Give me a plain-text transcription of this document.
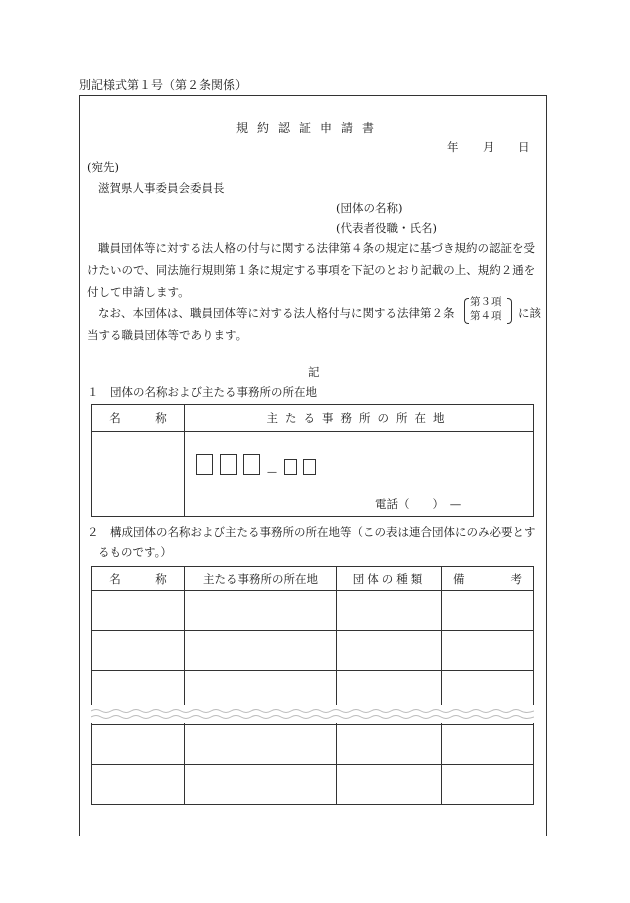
別記様式第１号（第２条関係）
規約認証申請書
年 月 日
(宛先)
滋賀県人事委員会委員長
(団体の名称)
(代表者役職・氏名)
職員団体等に対する法人格の付与に関する法律第４条の規定に基づき規約の認証を受
けたいので、同法施行規則第１条に規定する事項を下記のとおり記載の上、規約２通を
付して申請します。
なお、本団体は、職員団体等に対する法人格付与に関する法律第２条
第３項
第４項 に該
当する職員団体等であります。
記
１　団体の名称および主たる事務所の所在地
名　　　称	主たる事務所の所在地

	—
電話（　　）　—
２　構成団体の名称および主たる事務所の所在地等（この表は連合団体にのみ必要とす
るものです。）
名　　　称	主たる事務所の所在地	団体の種類	備　　　　考
